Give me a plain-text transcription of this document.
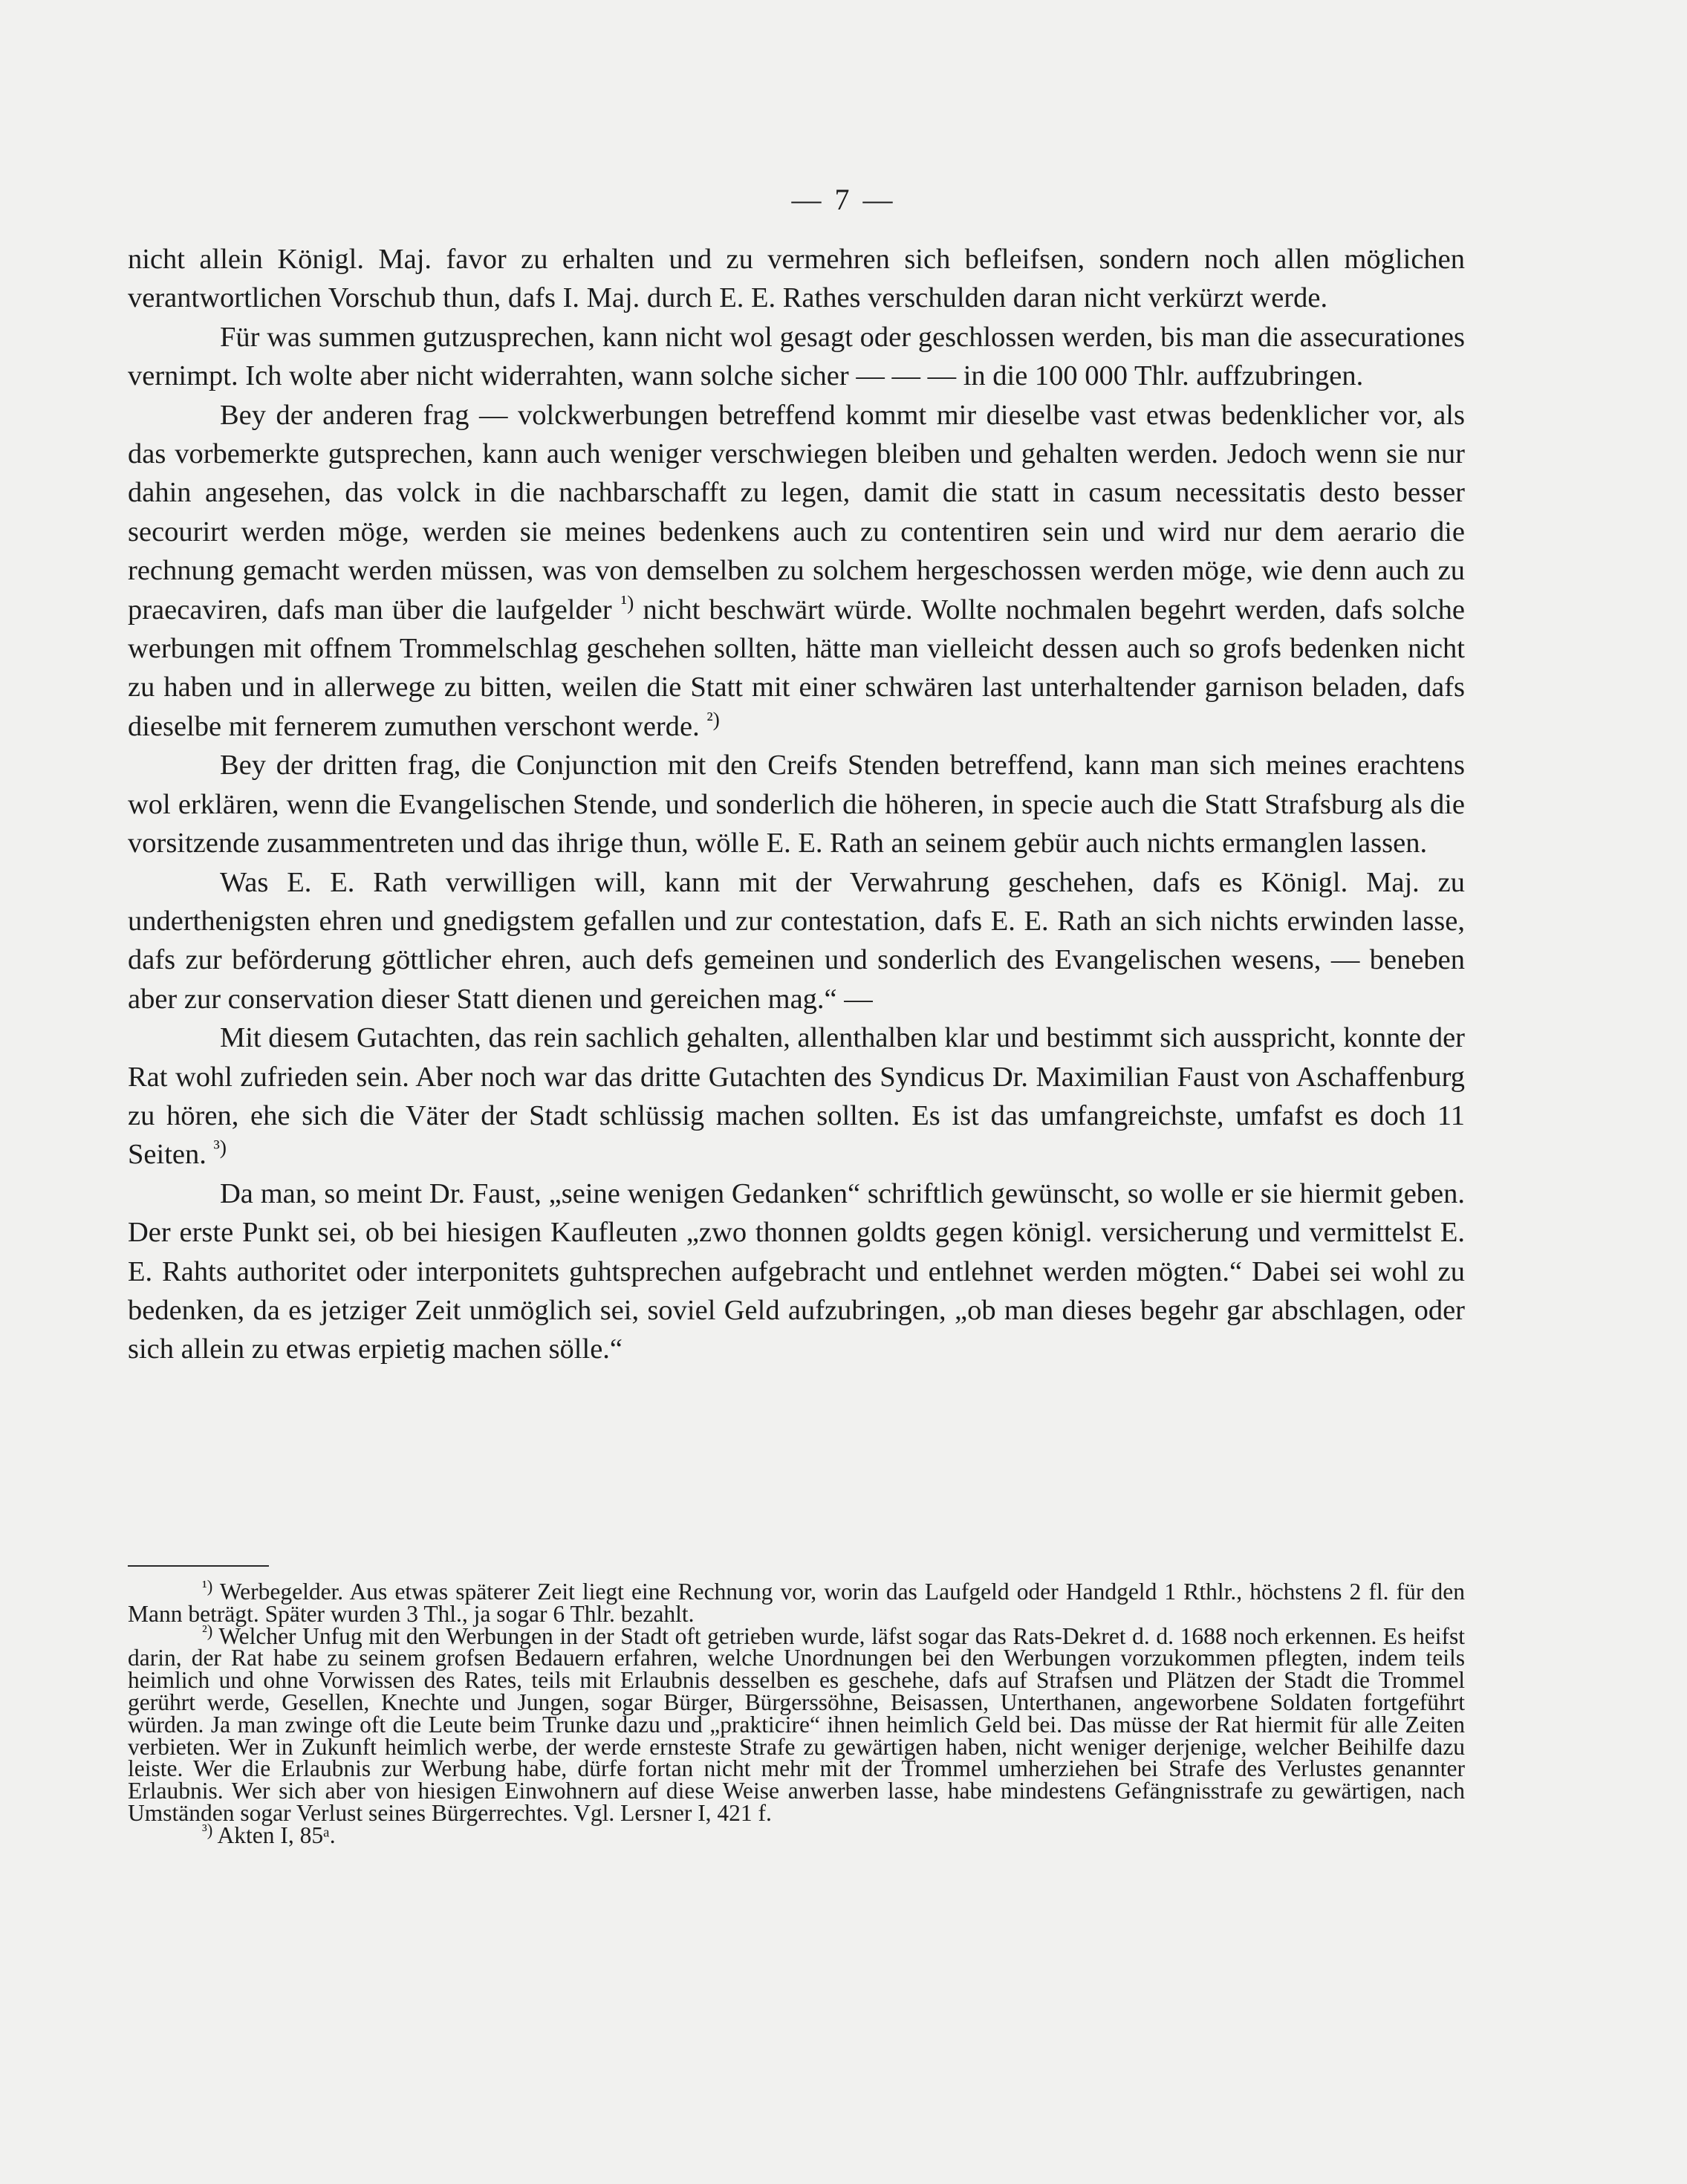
— 7 —

nicht allein Königl. Maj. favor zu erhalten und zu vermehren sich befleifsen, sondern noch allen möglichen verantwortlichen Vorschub thun, dafs I. Maj. durch E. E. Rathes verschulden daran nicht verkürzt werde.

Für was summen gutzusprechen, kann nicht wol gesagt oder geschlossen werden, bis man die assecurationes vernimpt. Ich wolte aber nicht widerrahten, wann solche sicher — — — in die 100 000 Thlr. auffzubringen.

Bey der anderen frag — volckwerbungen betreffend kommt mir dieselbe vast etwas bedenklicher vor, als das vorbemerkte gutsprechen, kann auch weniger verschwiegen bleiben und gehalten werden. Jedoch wenn sie nur dahin angesehen, das volck in die nachbarschafft zu legen, damit die statt in casum necessitatis desto besser secourirt werden möge, werden sie meines bedenkens auch zu contentiren sein und wird nur dem aerario die rechnung gemacht werden müssen, was von demselben zu solchem hergeschossen werden möge, wie denn auch zu praecaviren, dafs man über die laufgelder $^{^1)}$ nicht beschwärt würde. Wollte nochmalen begehrt werden, dafs solche werbungen mit offnem Trommelschlag geschehen sollten, hätte man vielleicht dessen auch so grofs bedenken nicht zu haben und in allerwege zu bitten, weilen die Statt mit einer schwären last unterhaltender garnison beladen, dafs dieselbe mit fernerem zumuthen verschont werde. $^{^2)}$

Bey der dritten frag, die Conjunction mit den Creifs Stenden betreffend, kann man sich meines erachtens wol erklären, wenn die Evangelischen Stende, und sonderlich die höheren, in specie auch die Statt Strafsburg als die vorsitzende zusammentreten und das ihrige thun, wölle E. E. Rath an seinem gebür auch nichts ermanglen lassen.

Was E. E. Rath verwilligen will, kann mit der Verwahrung geschehen, dafs es Königl. Maj. zu underthenigsten ehren und gnedigstem gefallen und zur contestation, dafs E. E. Rath an sich nichts erwinden lasse, dafs zur beförderung göttlicher ehren, auch defs gemeinen und sonderlich des Evangelischen wesens, — beneben aber zur conservation dieser Statt dienen und gereichen mag.“ —

Mit diesem Gutachten, das rein sachlich gehalten, allenthalben klar und bestimmt sich ausspricht, konnte der Rat wohl zufrieden sein. Aber noch war das dritte Gutachten des Syndicus Dr. Maximilian Faust von Aschaffenburg zu hören, ehe sich die Väter der Stadt schlüssig machen sollten. Es ist das umfangreichste, umfafst es doch 11 Seiten. $^{^3)}$

Da man, so meint Dr. Faust, „seine wenigen Gedanken“ schriftlich gewünscht, so wolle er sie hiermit geben. Der erste Punkt sei, ob bei hiesigen Kaufleuten „zwo thonnen goldts gegen königl. versicherung und vermittelst E. E. Rahts authoritet oder interponitets guhtsprechen aufgebracht und entlehnet werden mögten.“ Dabei sei wohl zu bedenken, da es jetziger Zeit unmöglich sei, soviel Geld aufzubringen, „ob man dieses begehr gar abschlagen, oder sich allein zu etwas erpietig machen sölle.“

$^{^1)}$ Werbegelder. Aus etwas späterer Zeit liegt eine Rechnung vor, worin das Laufgeld oder Handgeld 1 Rthlr., höchstens 2 fl. für den Mann beträgt. Später wurden 3 Thl., ja sogar 6 Thlr. bezahlt.

$^{^2)}$ Welcher Unfug mit den Werbungen in der Stadt oft getrieben wurde, läfst sogar das Rats-Dekret d. d. 1688 noch erkennen. Es heifst darin, der Rat habe zu seinem grofsen Bedauern erfahren, welche Unordnungen bei den Werbungen vorzukommen pflegten, indem teils heimlich und ohne Vorwissen des Rates, teils mit Erlaubnis desselben es geschehe, dafs auf Strafsen und Plätzen der Stadt die Trommel gerührt werde, Gesellen, Knechte und Jungen, sogar Bürger, Bürgerssöhne, Beisassen, Unterthanen, angeworbene Soldaten fortgeführt würden. Ja man zwinge oft die Leute beim Trunke dazu und „prakticire“ ihnen heimlich Geld bei. Das müsse der Rat hiermit für alle Zeiten verbieten. Wer in Zukunft heimlich werbe, der werde ernsteste Strafe zu gewärtigen haben, nicht weniger derjenige, welcher Beihilfe dazu leiste. Wer die Erlaubnis zur Werbung habe, dürfe fortan nicht mehr mit der Trommel umherziehen bei Strafe des Verlustes genannter Erlaubnis. Wer sich aber von hiesigen Einwohnern auf diese Weise anwerben lasse, habe mindestens Gefängnisstrafe zu gewärtigen, nach Umständen sogar Verlust seines Bürgerrechtes. Vgl. Lersner I, 421 f.

$^{^3)}$ Akten I, 85ᵃ.
